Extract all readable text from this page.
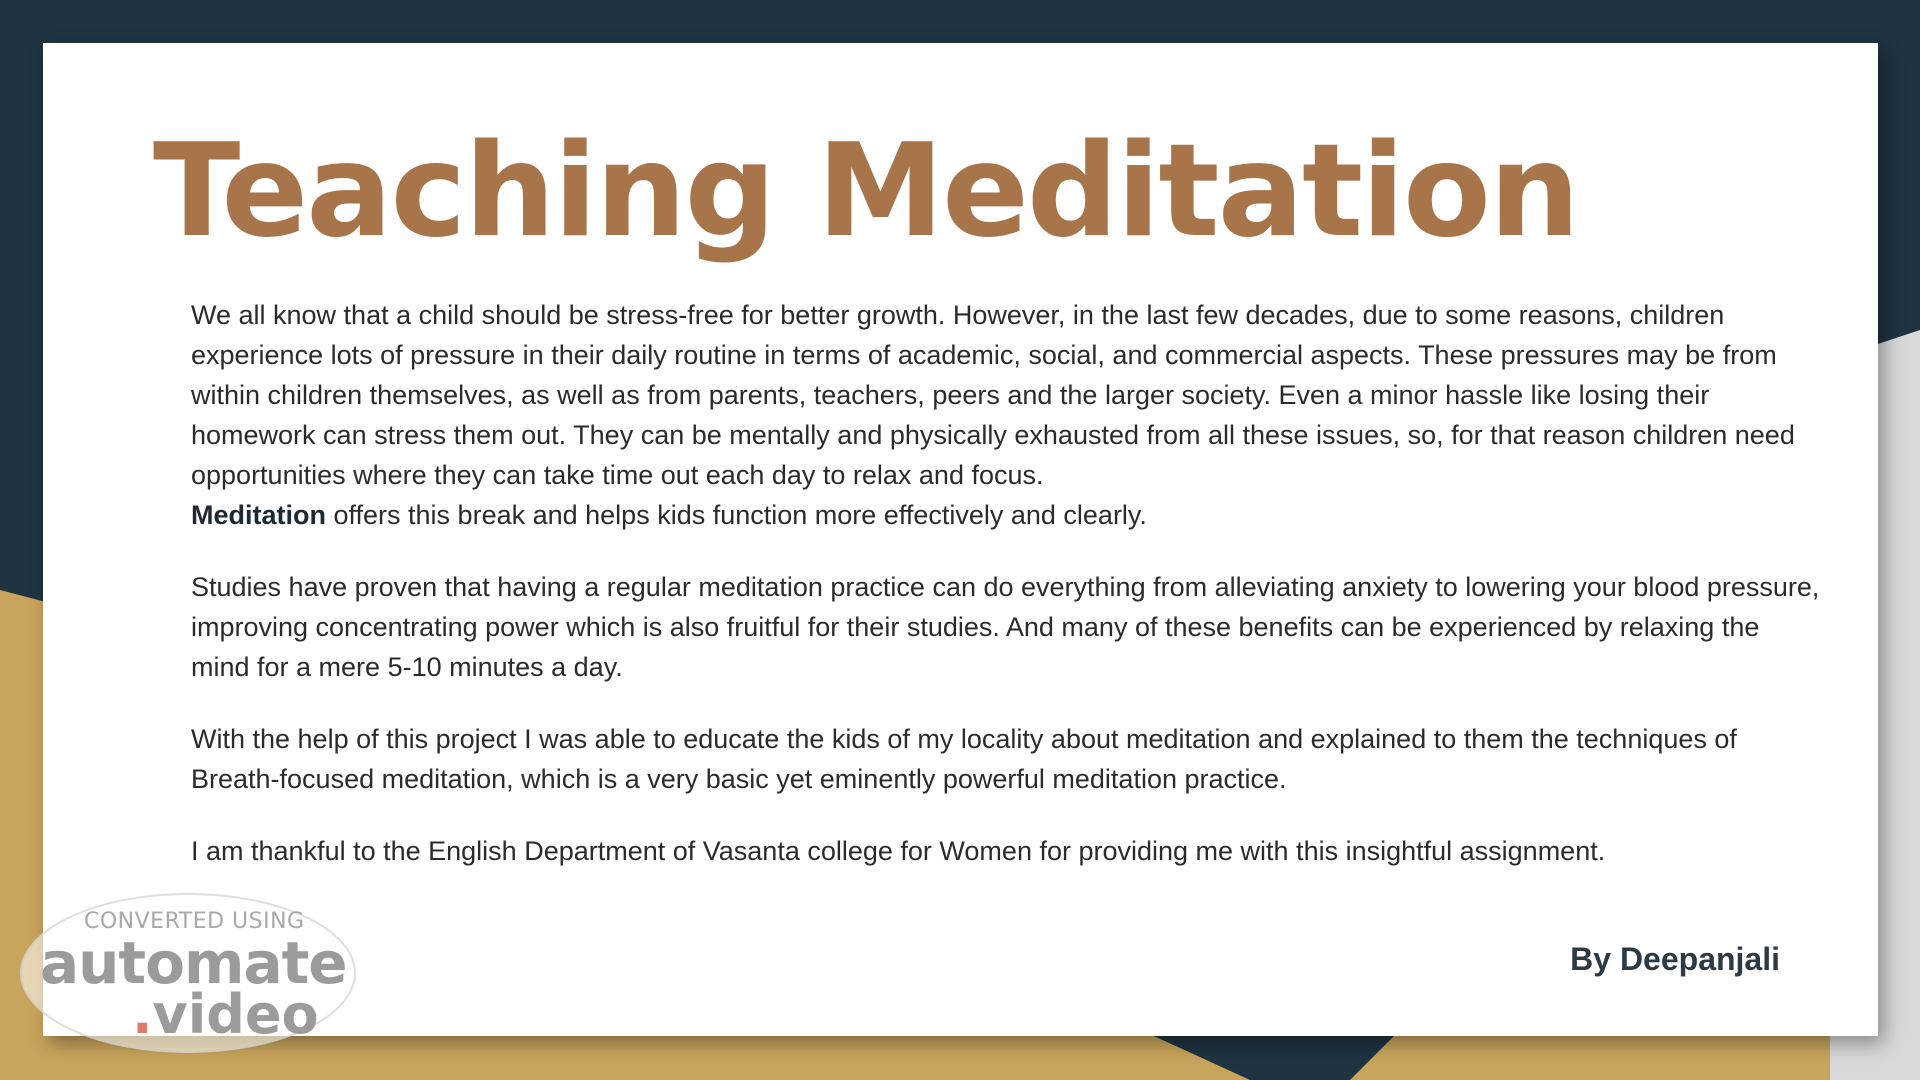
Teaching Meditation

We all know that a child should be stress-free for better growth. However, in the last few decades, due to some reasons, children experience lots of pressure in their daily routine in terms of academic, social, and commercial aspects. These pressures may be from within children themselves, as well as from parents, teachers, peers and the larger society. Even a minor hassle like losing their homework can stress them out. They can be mentally and physically exhausted from all these issues, so, for that reason children need opportunities where they can take time out each day to relax and focus.
Meditation offers this break and helps kids function more effectively and clearly.

Studies have proven that having a regular meditation practice can do everything from alleviating anxiety to lowering your blood pressure, improving concentrating power which is also fruitful for their studies. And many of these benefits can be experienced by relaxing the mind for a mere 5-10 minutes a day.

With the help of this project I was able to educate the kids of my locality about meditation and explained to them the techniques of Breath-focused meditation, which is a very basic yet eminently powerful meditation practice.

I am thankful to the English Department of Vasanta college for Women for providing me with this insightful assignment.

By Deepanjali
CONVERTED USING
automate
.video
